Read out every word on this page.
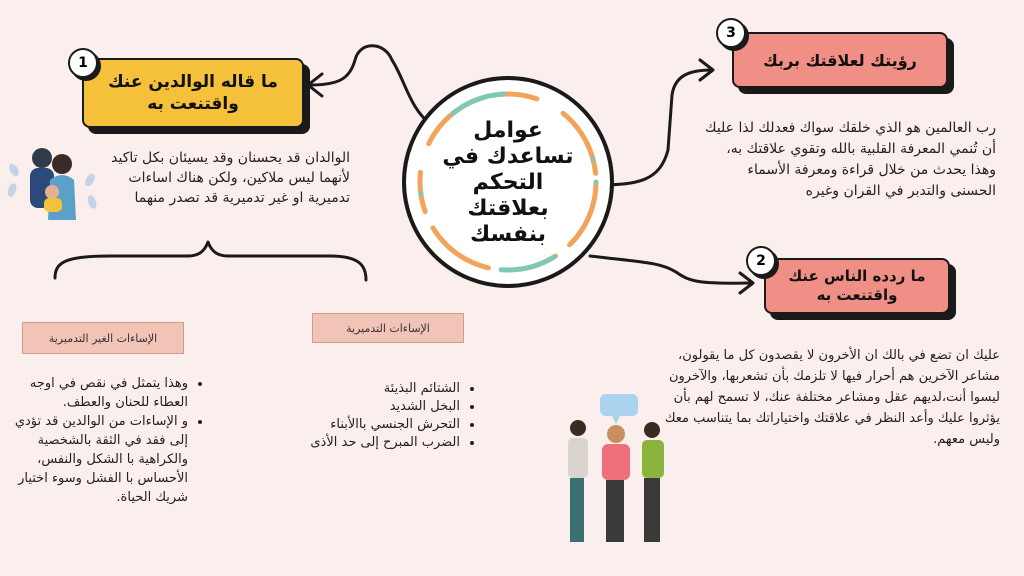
عوامل تساعدك في التحكم بعلاقتك بنفسك
ما قاله الوالدين عنك واقتنعت به
1
الوالدان قد يحسنان وقد يسيئان بكل تاكيد لأنهما ليس ملاكين، ولكن هناك اساءات تدميرية او غير تدميرية قد تصدر منهما
رؤيتك لعلاقتك بربك
3
رب العالمين هو الذي خلقك سواك فعدلك لذا عليك أن تُنمي المعرفة القلبية بالله وتقوي علاقتك به، وهذا يحدث من خلال قراءة ومعرفة الأسماء الحسنى والتدبر في القران وغيره
ما ردده الناس عنك واقتنعت به
2
عليك ان تضع في بالك ان الأخرون لا يقصدون كل ما يقولون، مشاعر الآخرين هم أحرار فيها لا تلزمك بأن تشعربها، والآخرون ليسوا أنت،لديهم عقل ومشاعر مختلفة عنك، لا تسمح لهم بأن يؤثروا عليك وأعد النظر في علاقتك واختياراتك بما يتناسب معك وليس معهم.
الإساءات التدميرية
الإساءات الغير التدميرية
• الشتائم البذيئة
• البخل الشديد
• التحرش الجنسي باالأبناء
• الضرب المبرح إلى حد الأذى
• وهذا يتمثل في نقص في اوجه العطاء للحنان والعطف.
• و الإساءات من الوالدين قد تؤدي إلى فقد في الثقة بالشخصية والكراهية با الشكل والنفس، الأحساس با الفشل وسوء اختيار شريك الحياة.
